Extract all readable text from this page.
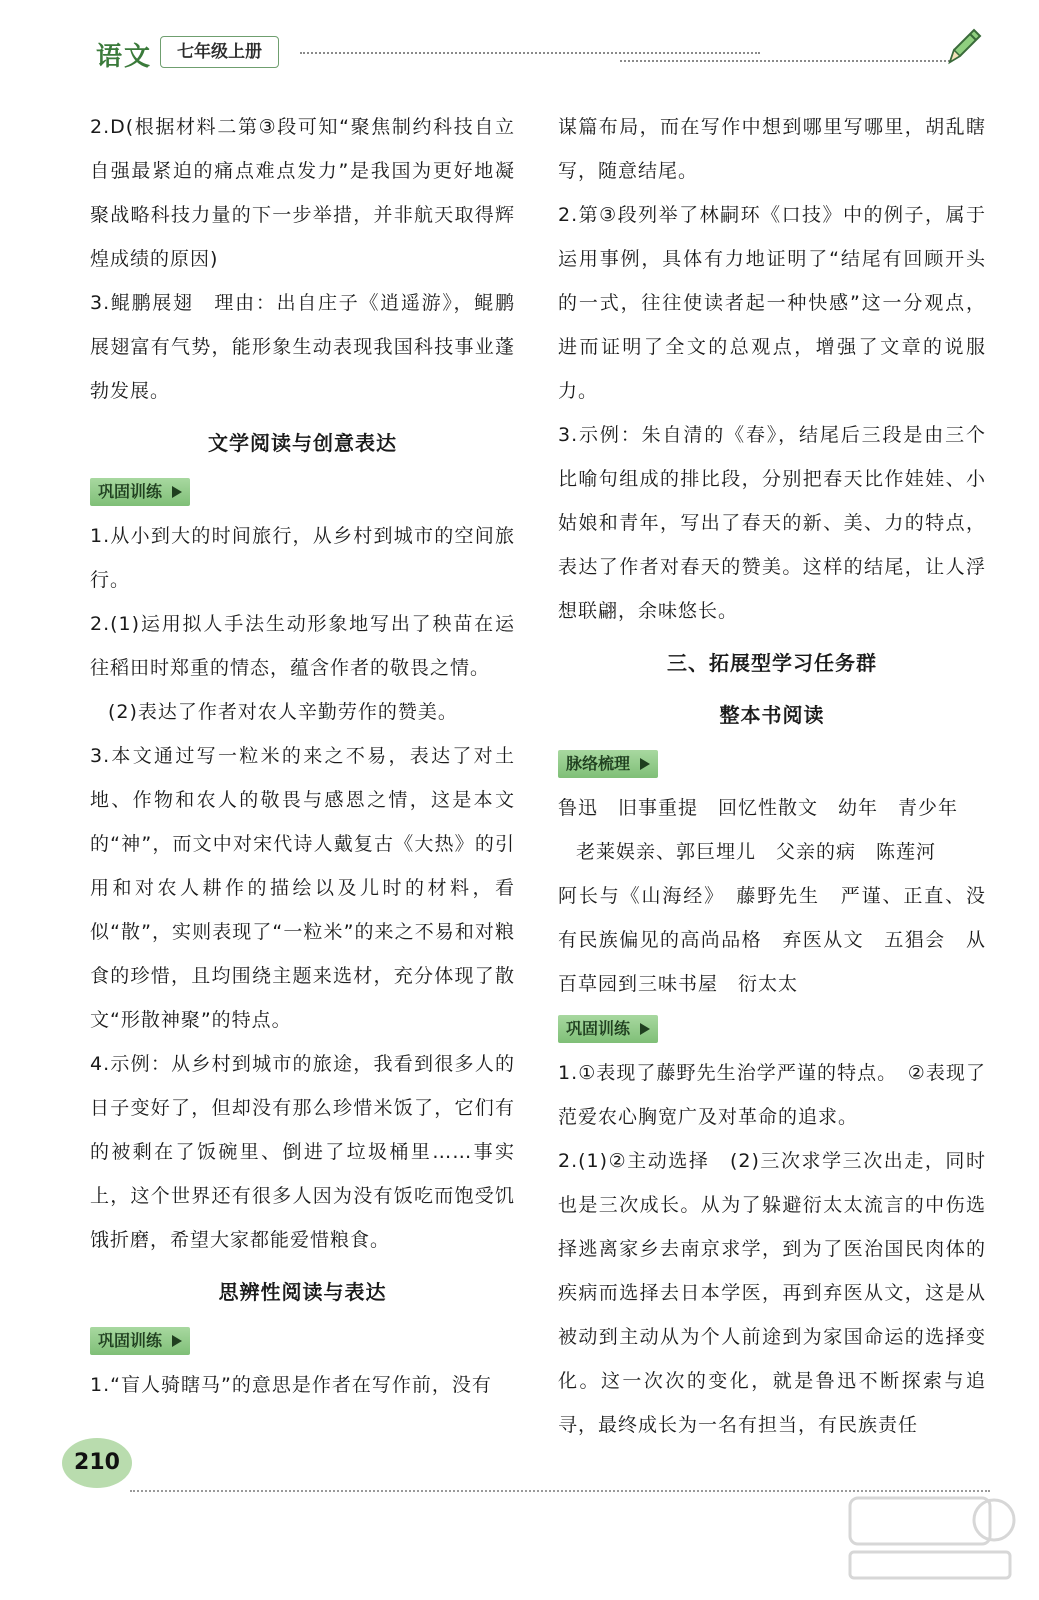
语文	七年级上册

2.D(根据材料二第③段可知“聚焦制约科技自立自强最紧迫的痛点难点发力”是我国为更好地凝聚战略科技力量的下一步举措，并非航天取得辉煌成绩的原因)

3.鲲鹏展翅　理由：出自庄子《逍遥游》，鲲鹏展翅富有气势，能形象生动表现我国科技事业蓬勃发展。

文学阅读与创意表达
巩固训练

1.从小到大的时间旅行，从乡村到城市的空间旅行。

2.(1)运用拟人手法生动形象地写出了秧苗在运往稻田时郑重的情态，蕴含作者的敬畏之情。

(2)表达了作者对农人辛勤劳作的赞美。

3.本文通过写一粒米的来之不易，表达了对土地、作物和农人的敬畏与感恩之情，这是本文的“神”，而文中对宋代诗人戴复古《大热》的引用和对农人耕作的描绘以及儿时的材料，看似“散”，实则表现了“一粒米”的来之不易和对粮食的珍惜，且均围绕主题来选材，充分体现了散文“形散神聚”的特点。

4.示例：从乡村到城市的旅途，我看到很多人的日子变好了，但却没有那么珍惜米饭了，它们有的被剩在了饭碗里、倒进了垃圾桶里……事实上，这个世界还有很多人因为没有饭吃而饱受饥饿折磨，希望大家都能爱惜粮食。

思辨性阅读与表达
巩固训练

1.“盲人骑瞎马”的意思是作者在写作前，没有

谋篇布局，而在写作中想到哪里写哪里，胡乱瞎写，随意结尾。

2.第③段列举了林嗣环《口技》中的例子，属于运用事例，具体有力地证明了“结尾有回顾开头的一式，往往使读者起一种快感”这一分观点，进而证明了全文的总观点，增强了文章的说服力。

3.示例：朱自清的《春》，结尾后三段是由三个比喻句组成的排比段，分别把春天比作娃娃、小姑娘和青年，写出了春天的新、美、力的特点，表达了作者对春天的赞美。这样的结尾，让人浮想联翩，余味悠长。

三、拓展型学习任务群
整本书阅读
脉络梳理

鲁迅　旧事重提　回忆性散文　幼年　青少年

老莱娱亲、郭巨埋儿　父亲的病　陈莲河

阿长与《山海经》　藤野先生　严谨、正直、没有民族偏见的高尚品格　弃医从文　五猖会　从百草园到三味书屋　衍太太

巩固训练

1.①表现了藤野先生治学严谨的特点。　②表现了范爱农心胸宽广及对革命的追求。

2.(1)②主动选择　(2)三次求学三次出走，同时也是三次成长。从为了躲避衍太太流言的中伤选择逃离家乡去南京求学，到为了医治国民肉体的疾病而选择去日本学医，再到弃医从文，这是从被动到主动从为个人前途到为家国命运的选择变化。这一次次的变化，就是鲁迅不断探索与追寻，最终成长为一名有担当，有民族责任

210
